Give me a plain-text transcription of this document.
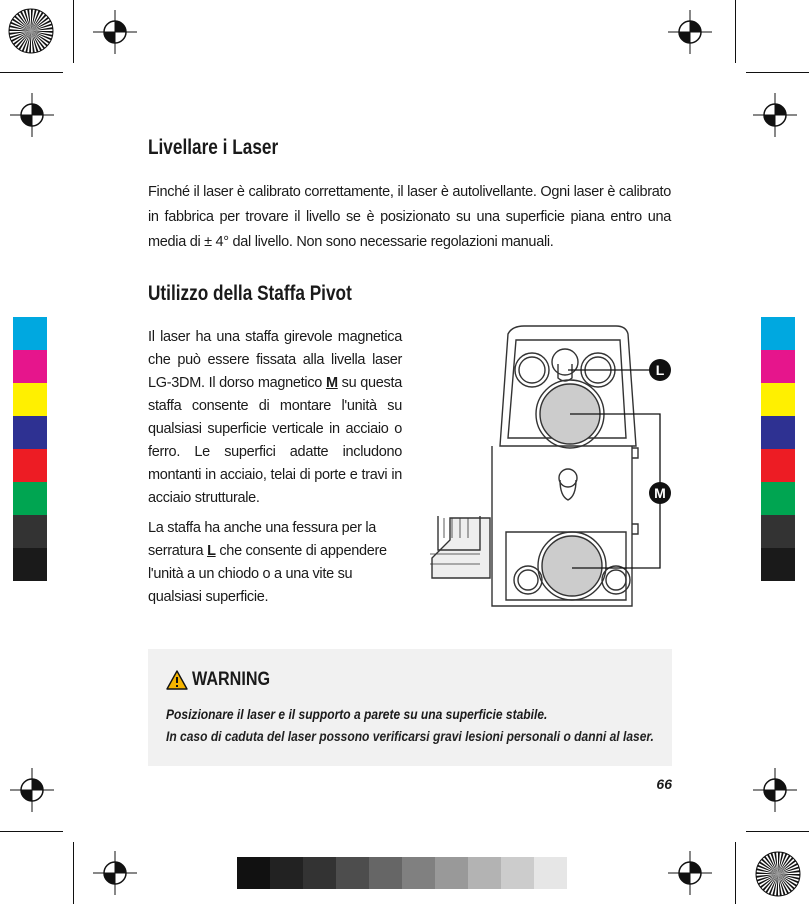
Livellare i Laser
Finché il laser è calibrato correttamente, il laser è autolivellante. Ogni laser è calibrato in fabbrica per trovare il livello se è posizionato su una superficie piana entro una media di ± 4° dal livello. Non sono necessarie regolazioni manuali.
Utilizzo della Staffa Pivot
Il laser ha una staffa girevole magnetica che può essere fissata alla livella laser LG-3DM. Il dorso magnetico M su questa staffa consente di montare l'unità su qualsiasi superficie verticale in acciaio o ferro. Le superfici adatte includono montanti in acciaio, telai di porte e travi in acciaio strutturale.
La staffa ha anche una fessura per la serratura L che consente di appendere l'unità a un chiodo o a una vite su qualsiasi superficie.
L
M
WARNING
Posizionare il laser e il supporto a parete su una superficie stabile.
In caso di caduta del laser possono verificarsi gravi lesioni personali o danni al laser.
66
